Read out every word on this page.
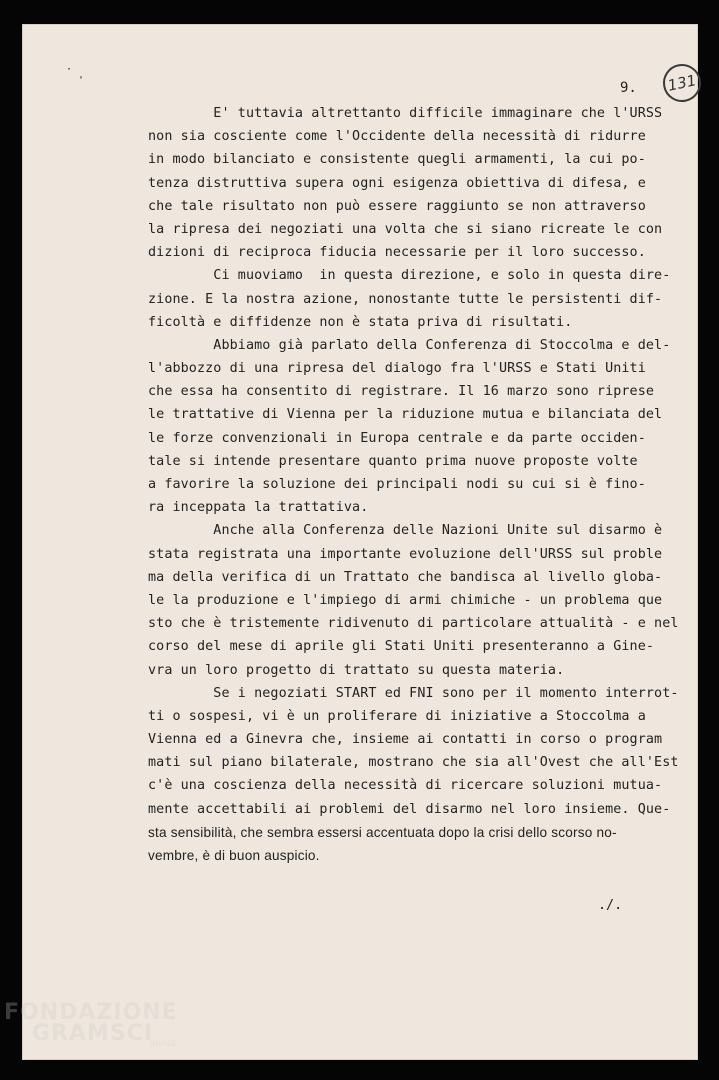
131
·
'	9.
E' tuttavia altrettanto difficile immaginare che l'URSS
non sia cosciente come l'Occidente della necessità di ridurre
in modo bilanciato e consistente quegli armamenti, la cui po-
tenza distruttiva supera ogni esigenza obiettiva di difesa, e
che tale risultato non può essere raggiunto se non attraverso
la ripresa dei negoziati una volta che si siano ricreate le con
dizioni di reciproca fiducia necessarie per il loro successo.
Ci muoviamo  in questa direzione, e solo in questa dire-
zione. E la nostra azione, nonostante tutte le persistenti dif-
ficoltà e diffidenze non è stata priva di risultati.
Abbiamo già parlato della Conferenza di Stoccolma e del-
l'abbozzo di una ripresa del dialogo fra l'URSS e Stati Uniti
che essa ha consentito di registrare. Il 16 marzo sono riprese
le trattative di Vienna per la riduzione mutua e bilanciata del
le forze convenzionali in Europa centrale e da parte occiden-
tale si intende presentare quanto prima nuove proposte volte
a favorire la soluzione dei principali nodi su cui si è fino-
ra inceppata la trattativa.
Anche alla Conferenza delle Nazioni Unite sul disarmo è
stata registrata una importante evoluzione dell'URSS sul proble
ma della verifica di un Trattato che bandisca al livello globa-
le la produzione e l'impiego di armi chimiche - un problema que
sto che è tristemente ridivenuto di particolare attualità - e nel
corso del mese di aprile gli Stati Uniti presenteranno a Gine-
vra un loro progetto di trattato su questa materia.
Se i negoziati START ed FNI sono per il momento interrot-
ti o sospesi, vi è un proliferare di iniziative a Stoccolma a
Vienna ed a Ginevra che, insieme ai contatti in corso o program
mati sul piano bilaterale, mostrano che sia all'Ovest che all'Est
c'è una coscienza della necessità di ricercare soluzioni mutua-
mente accettabili ai problemi del disarmo nel loro insieme. Que-
sta sensibilità, che sembra essersi accentuata dopo la crisi dello scorso no-
vembre, è di buon auspicio.
./.
FONDAZIONE
GRAMSCI
onlus
